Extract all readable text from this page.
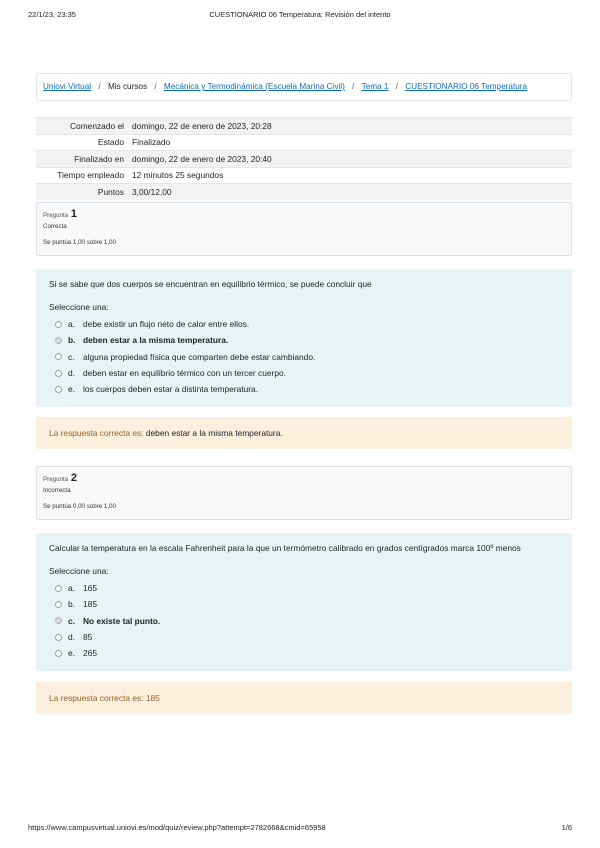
22/1/23, 23:35	CUESTIONARIO 06 Temperatura: Revisión del intento
Uniovi Virtual / Mis cursos / Mecánica y Termodinámica (Escuela Marina Civil) / Tema 1 / CUESTIONARIO 06 Temperatura
Comenzado el	domingo, 22 de enero de 2023, 20:28
Estado	Finalizado
Finalizado en	domingo, 22 de enero de 2023, 20:40
Tiempo empleado	12 minutos 25 segundos
Puntos	3,00/12,00
Pregunta 1
Correcta
Se puntúa 1,00 sobre 1,00
Si se sabe que dos cuerpos se encuentran en equilibrio térmico, se puede concluir que
Seleccione una:
a. debe existir un flujo neto de calor entre ellos.
b. deben estar a la misma temperatura.
c.	alguna propiedad física que comparten debe estar cambiando.
d. deben estar en equilibrio térmico con un tercer cuerpo.
e. los cuerpos deben estar a distinta temperatura.
La respuesta correcta es: deben estar a la misma temperatura.
Pregunta 2
Incorrecta
Se puntúa 0,00 sobre 1,00
Calcular la temperatura en la escala Fahrenheit para la que un termómetro calibrado en grados centígrados marca 100º menos
Seleccione una:
a. 165
b. 185
c. No existe tal punto.
d. 85
e. 265
La respuesta correcta es: 185
https://www.campusvirtual.uniovi.es/mod/quiz/review.php?attempt=2782668&cmid=65958	1/6
